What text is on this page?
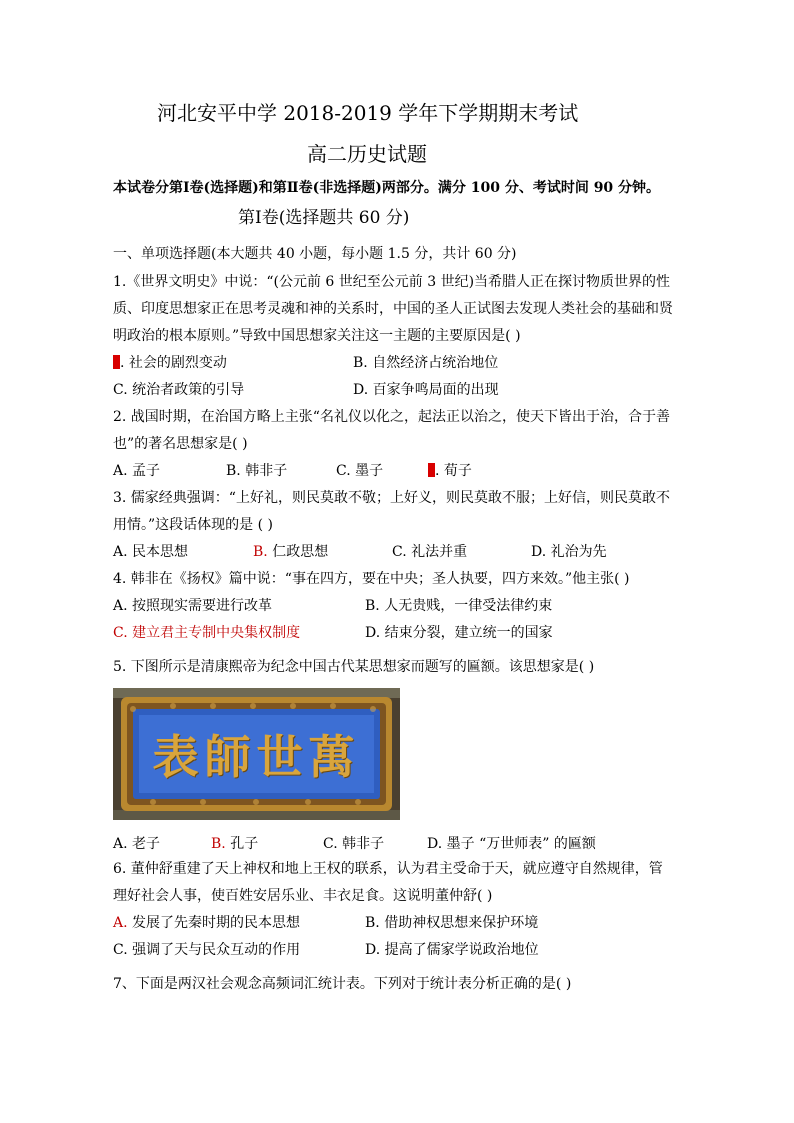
河北安平中学 2018-2019 学年下学期期末考试
高二历史试题
本试卷分第Ⅰ卷(选择题)和第Ⅱ卷(非选择题)两部分。满分 100 分、考试时间 90 分钟。
第Ⅰ卷(选择题共 60 分)
一、单项选择题(本大题共 40 小题，每小题 1.5 分，共计 60 分)
1.《世界文明史》中说：“(公元前 6 世纪至公元前 3 世纪)当希腊人正在探讨物质世界的性
质、印度思想家正在思考灵魂和神的关系时，中国的圣人正试图去发现人类社会的基础和贤
明政治的根本原则。”导致中国思想家关注这一主题的主要原因是( )
. 社会的剧烈变动	B. 自然经济占统治地位
C. 统治者政策的引导	D. 百家争鸣局面的出现
2. 战国时期，在治国方略上主张“名礼仪以化之，起法正以治之，使天下皆出于治，合于善
也”的著名思想家是( )
A. 孟子	B. 韩非子	C. 墨子	. 荀子
3. 儒家经典强调：“上好礼，则民莫敢不敬；上好义，则民莫敢不服；上好信，则民莫敢不
用情。”这段话体现的是 ( )
A. 民本思想	B. 仁政思想	C. 礼法并重	D. 礼治为先
4. 韩非在《扬权》篇中说：“事在四方，要在中央；圣人执要，四方来效。”他主张( )
A. 按照现实需要进行改革	B. 人无贵贱，一律受法律约束
C. 建立君主专制中央集权制度	D. 结束分裂，建立统一的国家
5. 下图所示是清康熙帝为纪念中国古代某思想家而题写的匾额。该思想家是( )
萬世師表
A. 老子	B. 孔子	C. 韩非子	D. 墨子 “万世师表” 的匾额
6. 董仲舒重建了天上神权和地上王权的联系，认为君主受命于天，就应遵守自然规律，管
理好社会人事，使百姓安居乐业、丰衣足食。这说明董仲舒( )
A. 发展了先秦时期的民本思想	B. 借助神权思想来保护环境
C. 强调了天与民众互动的作用	D. 提高了儒家学说政治地位
7、下面是两汉社会观念高频词汇统计表。下列对于统计表分析正确的是( )
